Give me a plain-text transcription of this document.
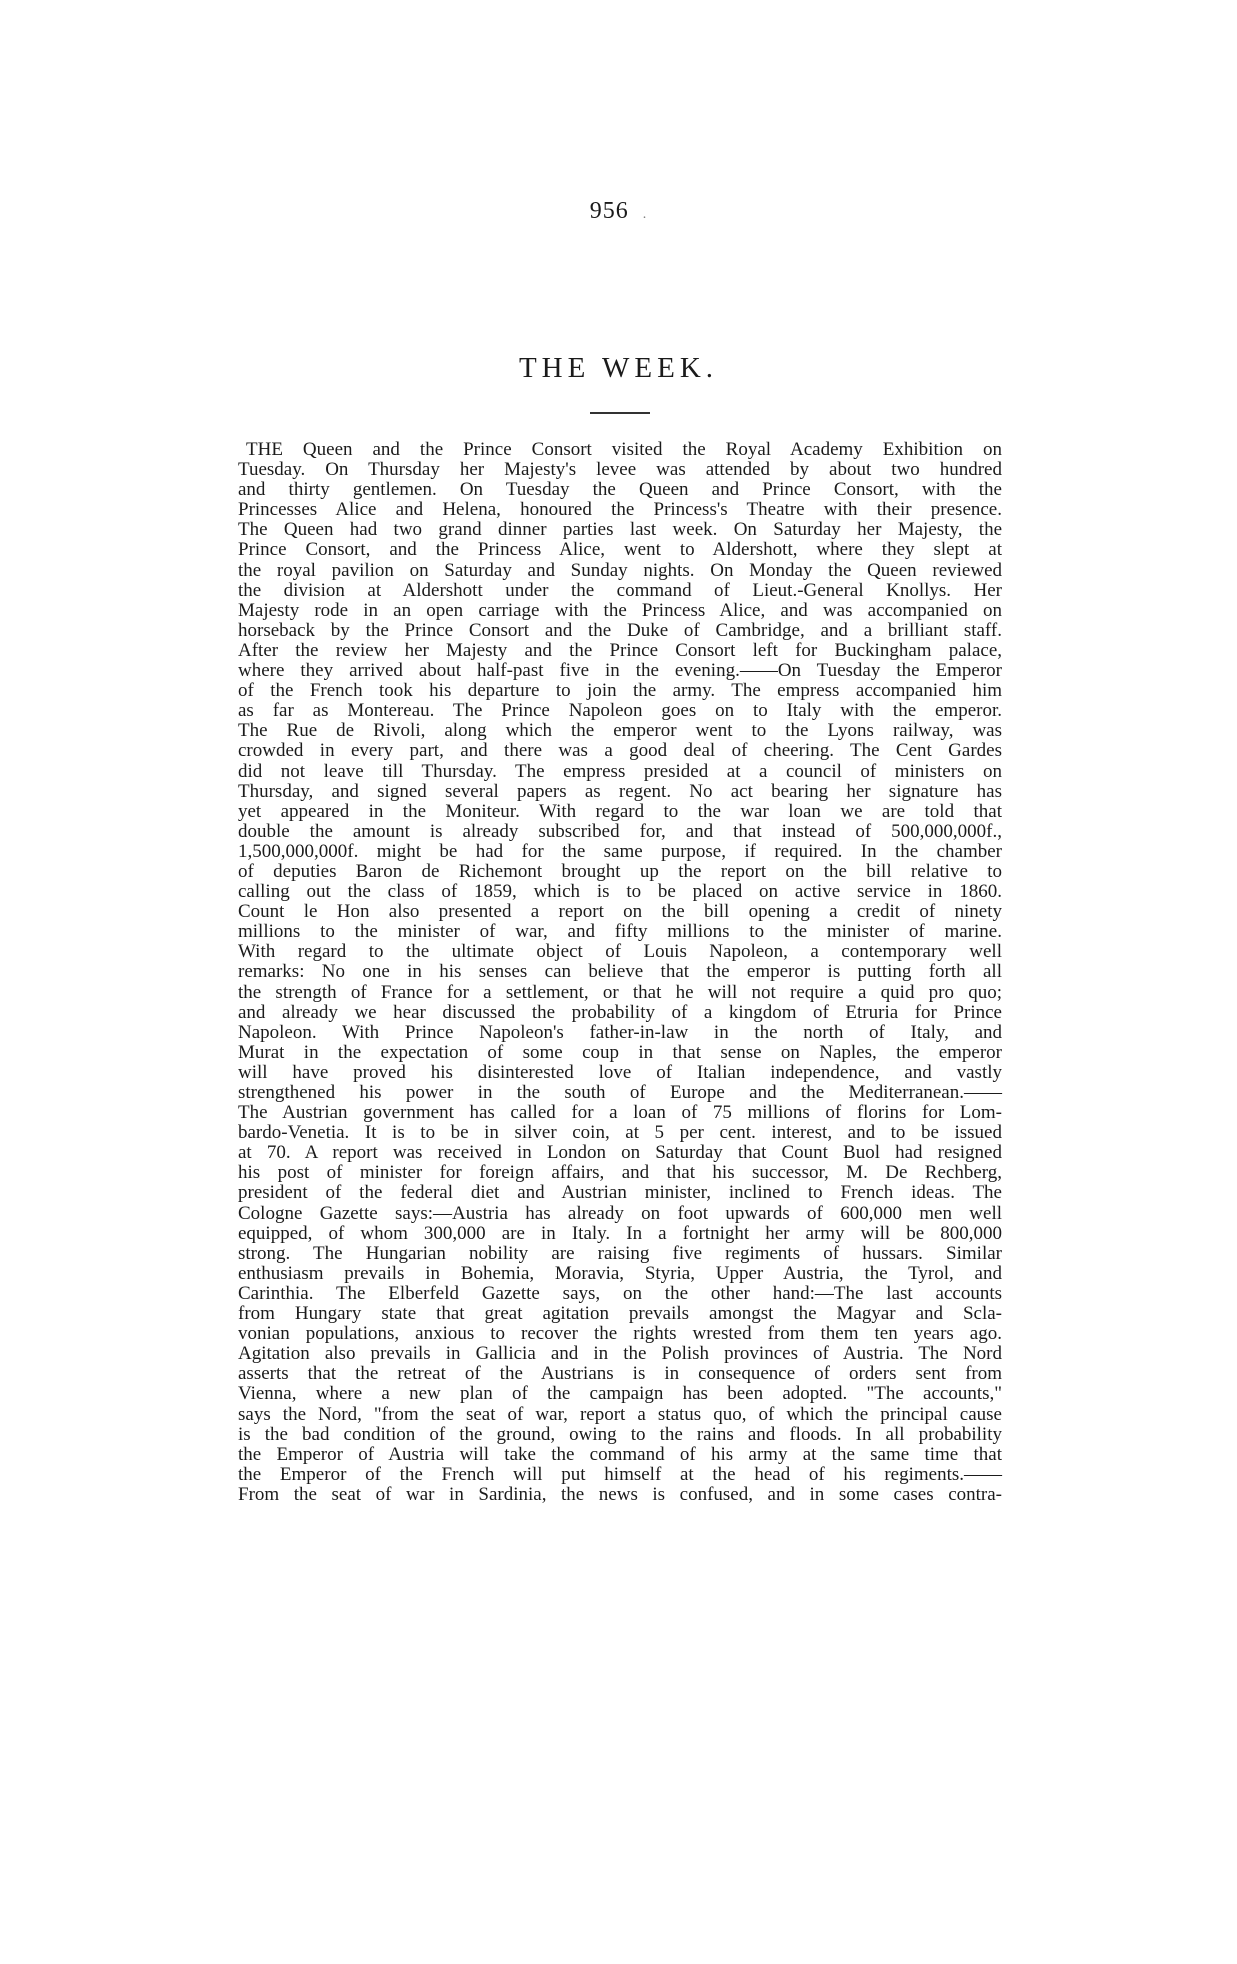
956 .
THE WEEK.
THE Queen and the Prince Consort visited the Royal Academy Exhibition on
Tuesday. On Thursday her Majesty's levee was attended by about two hundred
and thirty gentlemen. On Tuesday the Queen and Prince Consort, with the
Princesses Alice and Helena, honoured the Princess's Theatre with their presence.
The Queen had two grand dinner parties last week. On Saturday her Majesty, the
Prince Consort, and the Princess Alice, went to Aldershott, where they slept at
the royal pavilion on Saturday and Sunday nights. On Monday the Queen reviewed
the division at Aldershott under the command of Lieut.-General Knollys. Her
Majesty rode in an open carriage with the Princess Alice, and was accompanied on
horseback by the Prince Consort and the Duke of Cambridge, and a brilliant staff.
After the review her Majesty and the Prince Consort left for Buckingham palace,
where they arrived about half-past five in the evening.——On Tuesday the Emperor
of the French took his departure to join the army. The empress accompanied him
as far as Montereau. The Prince Napoleon goes on to Italy with the emperor.
The Rue de Rivoli, along which the emperor went to the Lyons railway, was
crowded in every part, and there was a good deal of cheering. The Cent Gardes
did not leave till Thursday. The empress presided at a council of ministers on
Thursday, and signed several papers as regent. No act bearing her signature has
yet appeared in the Moniteur. With regard to the war loan we are told that
double the amount is already subscribed for, and that instead of 500,000,000f.,
1,500,000,000f. might be had for the same purpose, if required. In the chamber
of deputies Baron de Richemont brought up the report on the bill relative to
calling out the class of 1859, which is to be placed on active service in 1860.
Count le Hon also presented a report on the bill opening a credit of ninety
millions to the minister of war, and fifty millions to the minister of marine.
With regard to the ultimate object of Louis Napoleon, a contemporary well
remarks: No one in his senses can believe that the emperor is putting forth all
the strength of France for a settlement, or that he will not require a quid pro quo;
and already we hear discussed the probability of a kingdom of Etruria for Prince
Napoleon. With Prince Napoleon's father-in-law in the north of Italy, and
Murat in the expectation of some coup in that sense on Naples, the emperor
will have proved his disinterested love of Italian independence, and vastly
strengthened his power in the south of Europe and the Mediterranean.——
The Austrian government has called for a loan of 75 millions of florins for Lom-
bardo-Venetia. It is to be in silver coin, at 5 per cent. interest, and to be issued
at 70. A report was received in London on Saturday that Count Buol had resigned
his post of minister for foreign affairs, and that his successor, M. De Rechberg,
president of the federal diet and Austrian minister, inclined to French ideas. The
Cologne Gazette says:—Austria has already on foot upwards of 600,000 men well
equipped, of whom 300,000 are in Italy. In a fortnight her army will be 800,000
strong. The Hungarian nobility are raising five regiments of hussars. Similar
enthusiasm prevails in Bohemia, Moravia, Styria, Upper Austria, the Tyrol, and
Carinthia. The Elberfeld Gazette says, on the other hand:—The last accounts
from Hungary state that great agitation prevails amongst the Magyar and Scla-
vonian populations, anxious to recover the rights wrested from them ten years ago.
Agitation also prevails in Gallicia and in the Polish provinces of Austria. The Nord
asserts that the retreat of the Austrians is in consequence of orders sent from
Vienna, where a new plan of the campaign has been adopted. "The accounts,"
says the Nord, "from the seat of war, report a status quo, of which the principal cause
is the bad condition of the ground, owing to the rains and floods. In all probability
the Emperor of Austria will take the command of his army at the same time that
the Emperor of the French will put himself at the head of his regiments.——
From the seat of war in Sardinia, the news is confused, and in some cases contra-
